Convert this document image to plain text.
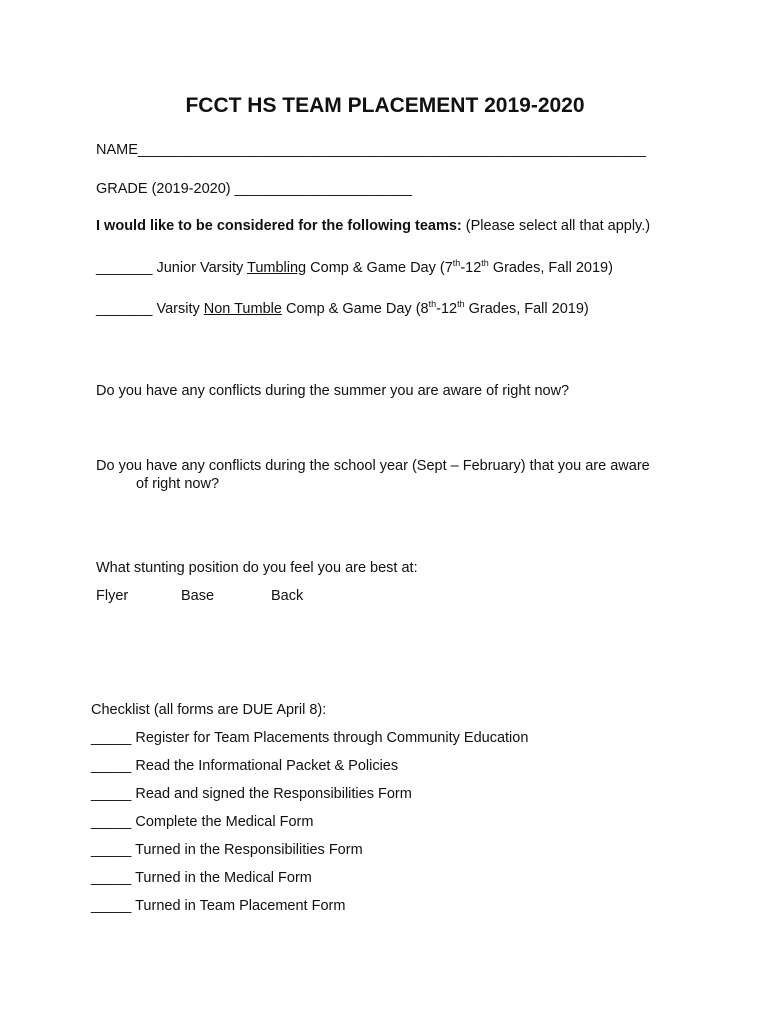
FCCT HS TEAM PLACEMENT 2019-2020

NAME_______________________________________________________________

GRADE (2019-2020) ______________________

I would like to be considered for the following teams: (Please select all that apply.)

_______ Junior Varsity Tumbling Comp & Game Day (7th-12th Grades, Fall 2019)

_______ Varsity Non Tumble Comp & Game Day (8th-12th Grades, Fall 2019)

Do you have any conflicts during the summer you are aware of right now?

Do you have any conflicts during the school year (Sept – February) that you are aware

of right now?

What stunting position do you feel you are best at:

Flyer	Base	Back

Checklist (all forms are DUE April 8):

_____ Register for Team Placements through Community Education

_____ Read the Informational Packet & Policies

_____ Read and signed the Responsibilities Form

_____ Complete the Medical Form

_____ Turned in the Responsibilities Form

_____ Turned in the Medical Form

_____ Turned in Team Placement Form
